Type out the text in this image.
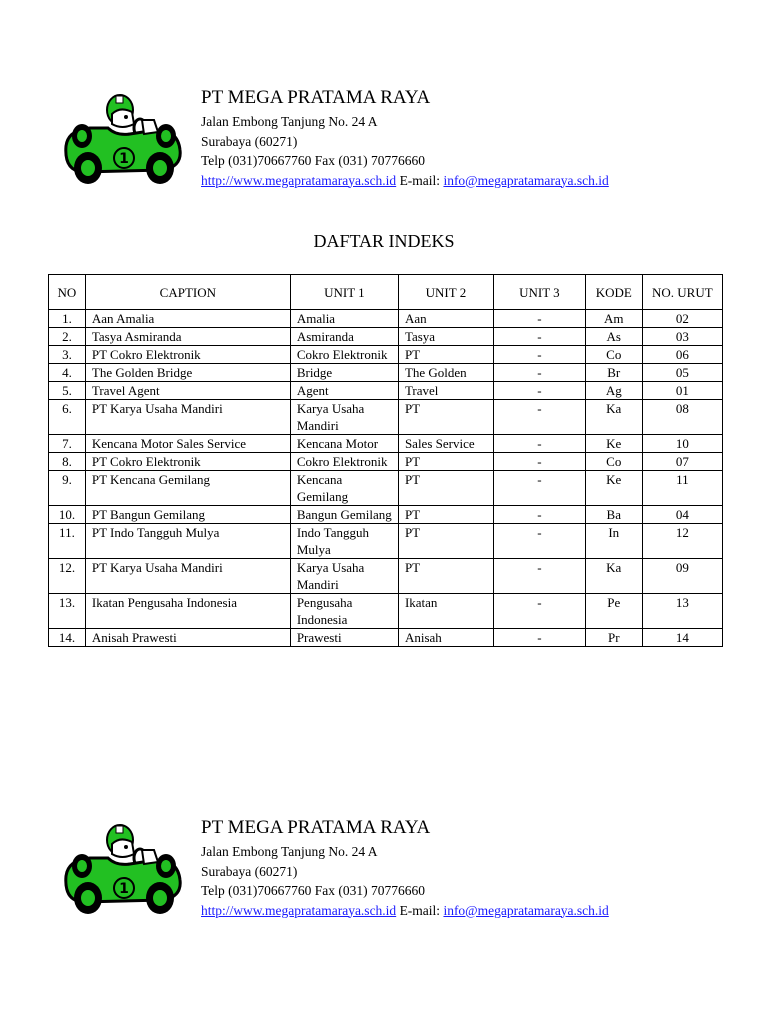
1
PT MEGA PRATAMA RAYA
Jalan Embong Tanjung No. 24 A
Surabaya (60271)
Telp (031)70667760 Fax (031) 70776660
http://www.megapratamaraya.sch.id E-mail: info@megapratamaraya.sch.id
DAFTAR INDEKS
NO	CAPTION	UNIT 1	UNIT 2	UNIT 3	KODE	NO. URUT
1.	Aan Amalia	Amalia	Aan	-	Am	02
2.	Tasya Asmiranda	Asmiranda	Tasya	-	As	03
3.	PT Cokro Elektronik	Cokro Elektronik	PT	-	Co	06
4.	The Golden Bridge	Bridge	The Golden	-	Br	05
5.	Travel Agent	Agent	Travel	-	Ag	01
6.	PT Karya Usaha Mandiri	Karya Usaha Mandiri	PT	-	Ka	08
7.	Kencana Motor Sales Service	Kencana Motor	Sales Service	-	Ke	10
8.	PT Cokro Elektronik	Cokro Elektronik	PT	-	Co	07
9.	PT Kencana Gemilang	Kencana Gemilang	PT	-	Ke	11
10.	PT Bangun Gemilang	Bangun Gemilang	PT	-	Ba	04
11.	PT Indo Tangguh Mulya	Indo Tangguh Mulya	PT	-	In	12
12.	PT Karya Usaha Mandiri	Karya Usaha Mandiri	PT	-	Ka	09
13.	Ikatan Pengusaha Indonesia	Pengusaha Indonesia	Ikatan	-	Pe	13
14.	Anisah Prawesti	Prawesti	Anisah	-	Pr	14
1
PT MEGA PRATAMA RAYA
Jalan Embong Tanjung No. 24 A
Surabaya (60271)
Telp (031)70667760 Fax (031) 70776660
http://www.megapratamaraya.sch.id E-mail: info@megapratamaraya.sch.id
